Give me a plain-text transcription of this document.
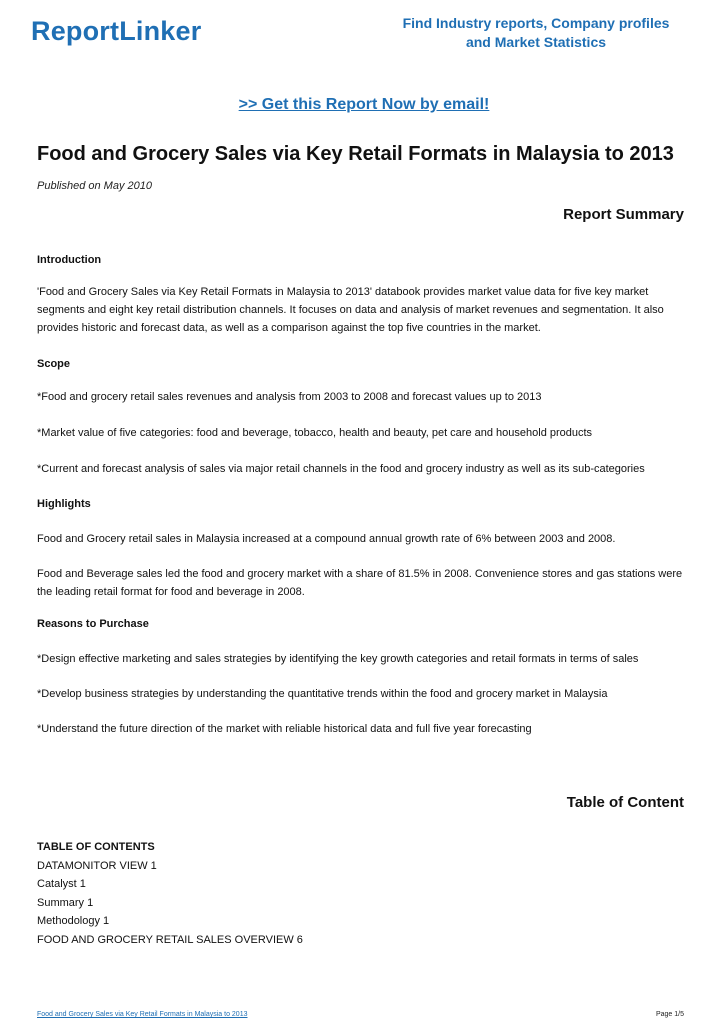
ReportLinker	Find Industry reports, Company profiles
and Market Statistics
>> Get this Report Now by email!
Food and Grocery Sales via Key Retail Formats in Malaysia to 2013
Published on May 2010
Report Summary

Introduction

'Food and Grocery Sales via Key Retail Formats in Malaysia to 2013' databook provides market value data for five key market segments and eight key retail distribution channels. It focuses on data and analysis of market revenues and segmentation. It also provides historic and forecast data, as well as a comparison against the top five countries in the market.

Scope

*Food and grocery retail sales revenues and analysis from 2003 to 2008 and forecast values up to 2013

*Market value of five categories: food and beverage, tobacco, health and beauty, pet care and household products

*Current and forecast analysis of sales via major retail channels in the food and grocery industry as well as its sub-categories

Highlights

Food and Grocery retail sales in Malaysia increased at a compound annual growth rate of 6% between 2003 and 2008.

Food and Beverage sales led the food and grocery market with a share of 81.5% in 2008. Convenience stores and gas stations were the leading retail format for food and beverage in 2008.

Reasons to Purchase

*Design effective marketing and sales strategies by identifying the key growth categories and retail formats in terms of sales

*Develop business strategies by understanding the quantitative trends within the food and grocery market in Malaysia

*Understand the future direction of the market with reliable historical data and full five year forecasting

Table of Content
TABLE OF CONTENTS
DATAMONITOR VIEW 1
Catalyst 1
Summary 1
Methodology 1
FOOD AND GROCERY RETAIL SALES OVERVIEW 6
Food and Grocery Sales via Key Retail Formats in Malaysia to 2013	Page 1/5
